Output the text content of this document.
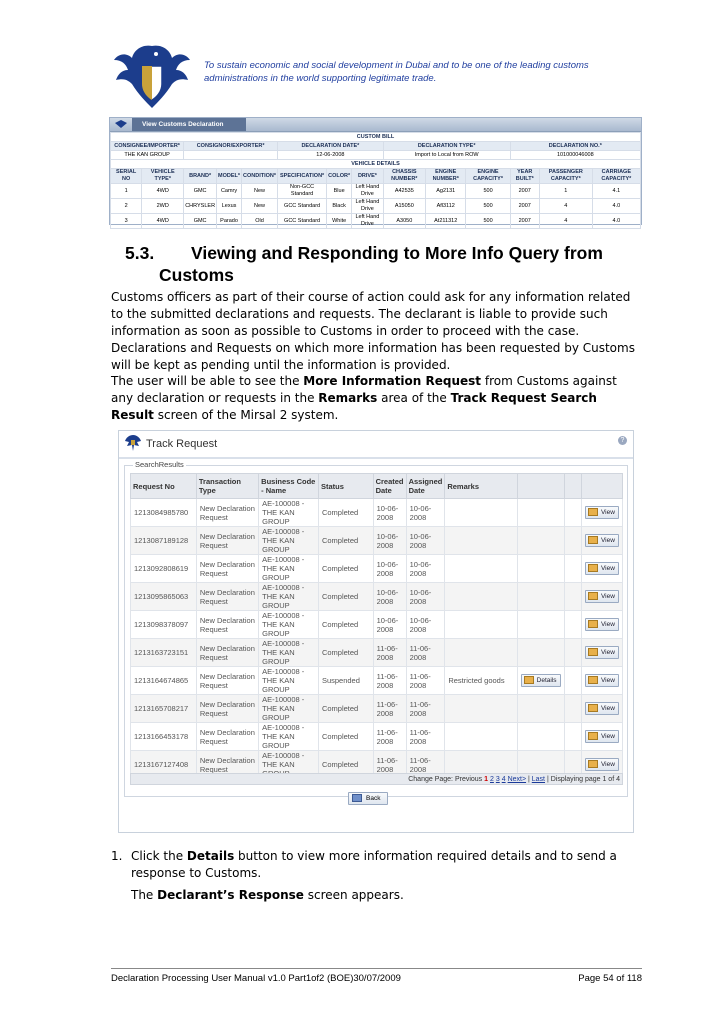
To sustain economic and social development in Dubai and to be one of the leading customs administrations in the world supporting legitimate trade.
View Customs Declaration
CUSTOM BILL													
CONSIGNEE/IMPORTER*		CONSIGNOR/EXPORTER*			DECLARATION DATE*			DECLARATION TYPE*			DECLARATION NO.*		
THE KAN GROUP					12-06-2008			Import to Local from ROW			101000046008		
VEHICLE DETAILS													
SERIAL NO	VEHICLE TYPE*	BRAND*	MODEL*	CONDITION*	SPECIFICATION*	COLOR*	DRIVE*	CHASSIS NUMBER*	ENGINE NUMBER*	ENGINE CAPACITY*	YEAR BUILT*	PASSENGER CAPACITY*	CARRIAGE CAPACITY*
1	4WD	GMC	Camry	New	Non-GCC Standard	Blue	Left Hand Drive	A42535	Ag2131	500	2007	1	4.1
2	2WD	CHRYSLER	Lexus	New	GCC Standard	Black	Left Hand Drive	A15050	Afl3112	500	2007	4	4.0
3	4WD	GMC	Parado	Old	GCC Standard	White	Left Hand Drive	A3050	At211312	500	2007	4	4.0
5.3. Viewing and Responding to More Info Query from
Customs
Customs officers as part of their course of action could ask for any information related to the submitted declarations and requests. The declarant is liable to provide such information as soon as possible to Customs in order to proceed with the case. Declarations and Requests on which more information has been requested by Customs will be kept as pending until the information is provided.
The user will be able to see the More Information Request from Customs against any declaration or requests in the Remarks area of the Track Request Search Result screen of the Mirsal 2 system.
Track Request	?
SearchResults
Request No	Transaction Type	Business Code - Name	Status	Created Date	Assigned Date	Remarks			
1213084985780	New Declaration Request	AE-100008 - THE KAN GROUP	Completed	10-06-2008	10-06-2008				View
1213087189128	New Declaration Request	AE-100008 - THE KAN GROUP	Completed	10-06-2008	10-06-2008				View
1213092808619	New Declaration Request	AE-100008 - THE KAN GROUP	Completed	10-06-2008	10-06-2008				View
1213095865063	New Declaration Request	AE-100008 - THE KAN GROUP	Completed	10-06-2008	10-06-2008				View
1213098378097	New Declaration Request	AE-100008 - THE KAN GROUP	Completed	10-06-2008	10-06-2008				View
1213163723151	New Declaration Request	AE-100008 - THE KAN GROUP	Completed	11-06-2008	11-06-2008				View
1213164674865	New Declaration Request	AE-100008 - THE KAN GROUP	Suspended	11-06-2008	11-06-2008	Restricted goods	Details		View
1213165708217	New Declaration Request	AE-100008 - THE KAN GROUP	Completed	11-06-2008	11-06-2008				View
1213166453178	New Declaration Request	AE-100008 - THE KAN GROUP	Completed	11-06-2008	11-06-2008				View
1213167127408	New Declaration Request	AE-100008 - THE KAN	Completed	11-06-2008	11-06-2008				View
Change Page: Previous 1 2 3 4 Next> | Last | Displaying page 1 of 4
Back
1. Click the Details button to view more information required details and to send a response to Customs.
The Declarant’s Response screen appears.
Declaration Processing User Manual v1.0 Part1of2 (BOE)30/07/2009	Page 54 of 118
